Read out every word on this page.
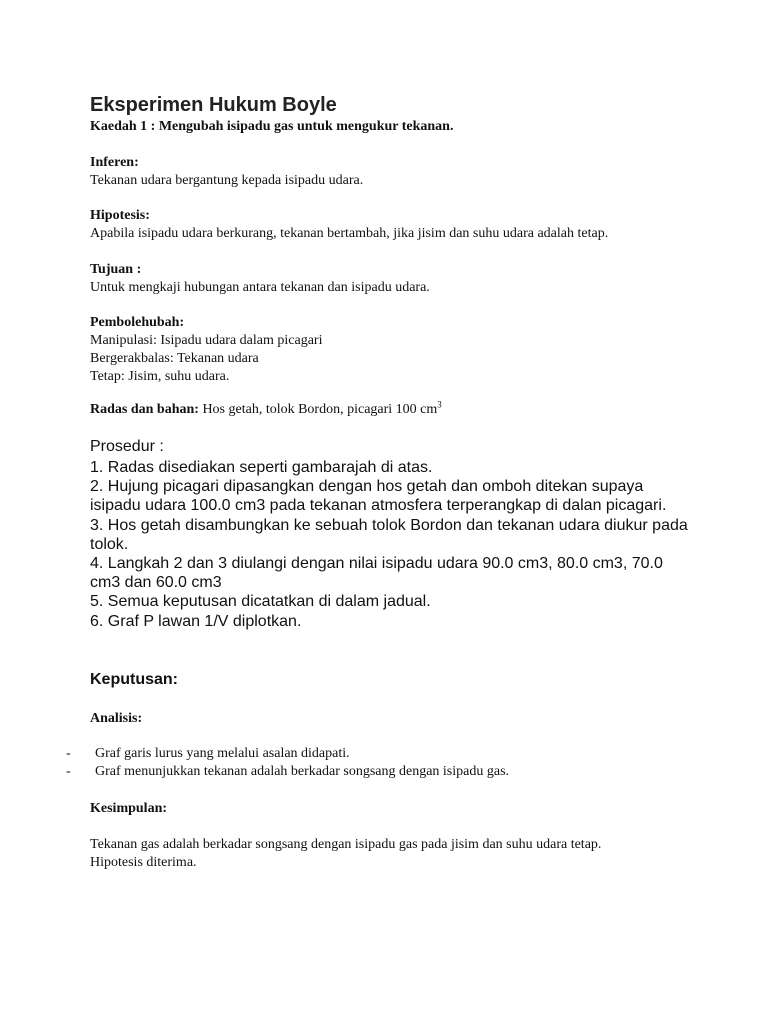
Eksperimen Hukum Boyle
Kaedah 1 : Mengubah isipadu gas untuk mengukur tekanan.
Inferen:
Tekanan udara bergantung kepada isipadu udara.
Hipotesis:
Apabila isipadu udara berkurang, tekanan bertambah, jika jisim dan suhu udara adalah tetap.
Tujuan :
Untuk mengkaji hubungan antara tekanan dan isipadu udara.
Pembolehubah:
Manipulasi: Isipadu udara dalam picagari
Bergerakbalas: Tekanan udara
Tetap: Jisim, suhu udara.
Radas dan bahan: Hos getah, tolok Bordon, picagari 100 $cm^3$
Prosedur :
1. Radas disediakan seperti gambarajah di atas.
2. Hujung picagari dipasangkan dengan hos getah dan omboh ditekan supaya isipadu udara 100.0 cm3 pada tekanan atmosfera terperangkap di dalan picagari.
3. Hos getah disambungkan ke sebuah tolok Bordon dan tekanan udara diukur pada tolok.
4. Langkah 2 dan 3 diulangi dengan nilai isipadu udara 90.0 cm3, 80.0 cm3, 70.0 cm3 dan 60.0 cm3
5. Semua keputusan dicatatkan di dalam jadual.
6. Graf P lawan 1/V diplotkan.
Keputusan:
Analisis:
- Graf garis lurus yang melalui asalan didapati.
- Graf menunjukkan tekanan adalah berkadar songsang dengan isipadu gas.
Kesimpulan:
Tekanan gas adalah berkadar songsang dengan isipadu gas pada jisim dan suhu udara tetap.
Hipotesis diterima.
